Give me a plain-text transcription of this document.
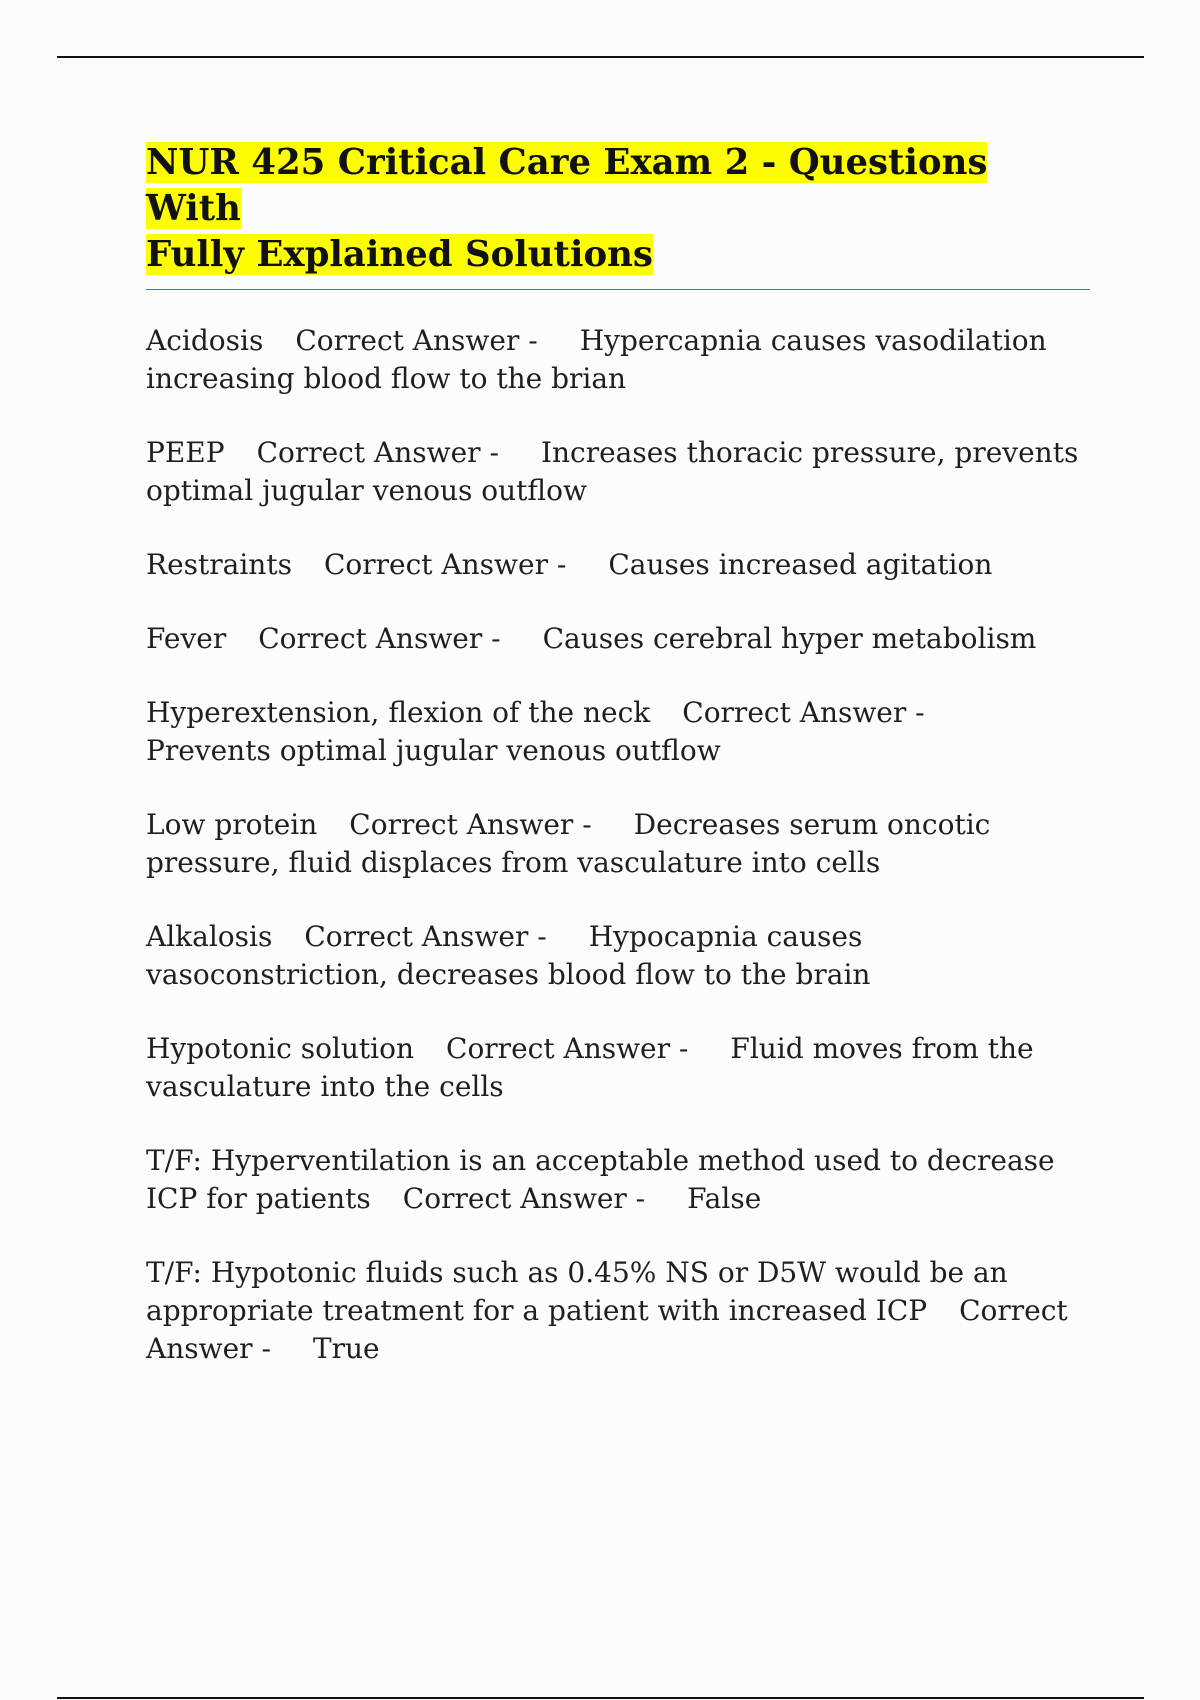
NUR 425 Critical Care Exam 2 - Questions With
Fully Explained Solutions

Acidosis Correct Answer - Hypercapnia causes vasodilation increasing blood flow to the brian

PEEP Correct Answer - Increases thoracic pressure, prevents optimal jugular venous outflow

Restraints Correct Answer - Causes increased agitation

Fever Correct Answer - Causes cerebral hyper metabolism

Hyperextension, flexion of the neck Correct Answer -Prevents optimal jugular venous outflow

Low protein Correct Answer - Decreases serum oncotic pressure, fluid displaces from vasculature into cells

Alkalosis Correct Answer - Hypocapnia causes vasoconstriction, decreases blood flow to the brain

Hypotonic solution Correct Answer - Fluid moves from the vasculature into the cells

T/F: Hyperventilation is an acceptable method used to decrease ICP for patients Correct Answer - False

T/F: Hypotonic fluids such as 0.45% NS or D5W would be an appropriate treatment for a patient with increased ICP Correct Answer - True
